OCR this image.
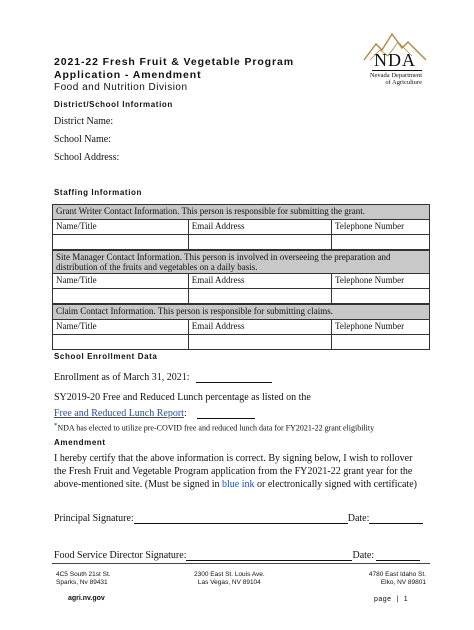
2021-22 Fresh Fruit & Vegetable Program
Application - Amendment
Food and Nutrition Division
NDA
Nevada Department
of Agriculture
District/School Information
District Name:
School Name:
School Address:
Staffing Information
Grant Writer Contact Information. This person is responsible for submitting the grant.		
Name/Title	Email Address	Telephone Number

Site Manager Contact Information. This person is involved in overseeing the preparation and distribution of the fruits and vegetables on a daily basis.		
Name/Title	Email Address	Telephone Number

Claim Contact Information. This person is responsible for submitting claims.		
Name/Title	Email Address	Telephone Number

School Enrollment Data
Enrollment as of March 31, 2021:
SY2019-20 Free and Reduced Lunch percentage as listed on the
Free and Reduced Lunch Report:
*NDA has elected to utilize pre-COVID free and reduced lunch data for FY2021-22 grant eligibility
Amendment
I hereby certify that the above information is correct. By signing below, I wish to rollover the Fresh Fruit and Vegetable Program application from the FY2021-22 grant year for the above-mentioned site. (Must be signed in blue ink or electronically signed with certificate)
Principal Signature:	Date:
Food Service Director Signature:	Date:
4C5 South 21st St.
Sparks, Nv 89431
2300 East St. Louis Ave.
Las Vegas, NV 89104
4780 East Idaho St.
Elko, NV 89801
agri.nv.gov	page | 1
